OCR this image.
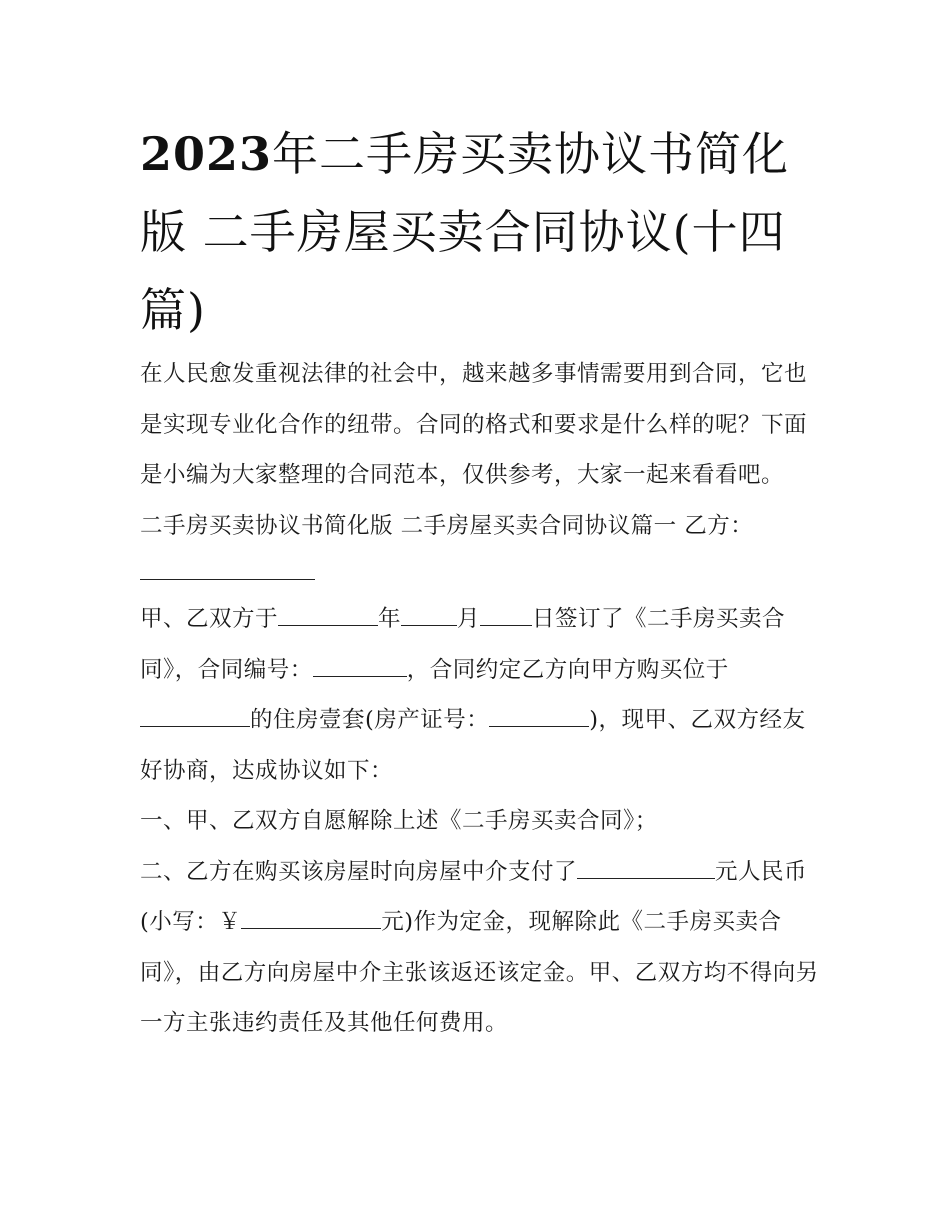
2023年二手房买卖协议书简化版 二手房屋买卖合同协议(十四篇)

在人民愈发重视法律的社会中，越来越多事情需要用到合同，它也是实现专业化合作的纽带。合同的格式和要求是什么样的呢？下面是小编为大家整理的合同范本，仅供参考，大家一起来看看吧。

二手房买卖协议书简化版 二手房屋买卖合同协议篇一 乙方：

甲、乙双方于	年 月 日签订了《二手房买卖合同》，合同编号：	，合同约定乙方向甲方购买位于的住房壹套(房产证号：	)，现甲、乙双方经友好协商，达成协议如下：

一、甲、乙双方自愿解除上述《二手房买卖合同》；

二、乙方在购买该房屋时向房屋中介支付了	元人民币(小写：￥	元)作为定金，现解除此《二手房买卖合同》，由乙方向房屋中介主张该返还该定金。甲、乙双方均不得向另一方主张违约责任及其他任何费用。
